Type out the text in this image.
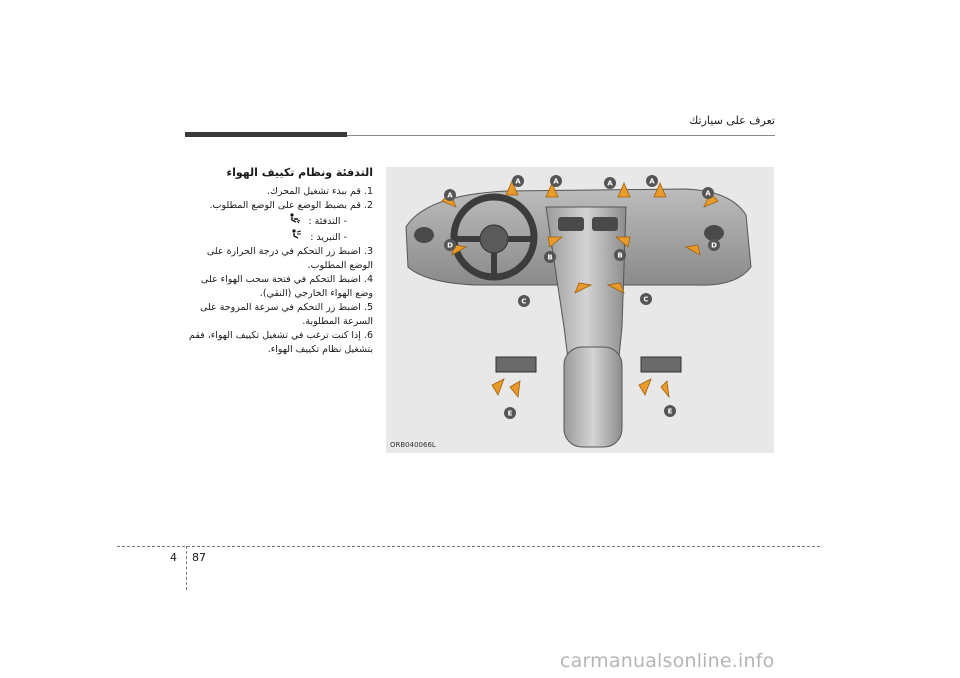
تعرف على سيارتك
التدفئة ونظام تكييف الهواء
1. قم ببدء تشغيل المحرك.
2. قم بضبط الوضع على الوضع المطلوب.
- التدفئة :
- التبريد :
3. اضبط زر التحكم في درجة الحرارة على الوضع المطلوب.
4. اضبط التحكم في فتحة سحب الهواء على وضع الهواء الخارجي (النقي).
5. اضبط زر التحكم في سرعة المروحة على السرعة المطلوبة.
6. إذا كنت ترغب في تشغيل تكييف الهواء، فقم بتشغيل نظام تكييف الهواء.
A
A	A	A	A
A
B	B
C	C
D	D
E	E
ORB040066L
4 87
carmanualsonline.info
